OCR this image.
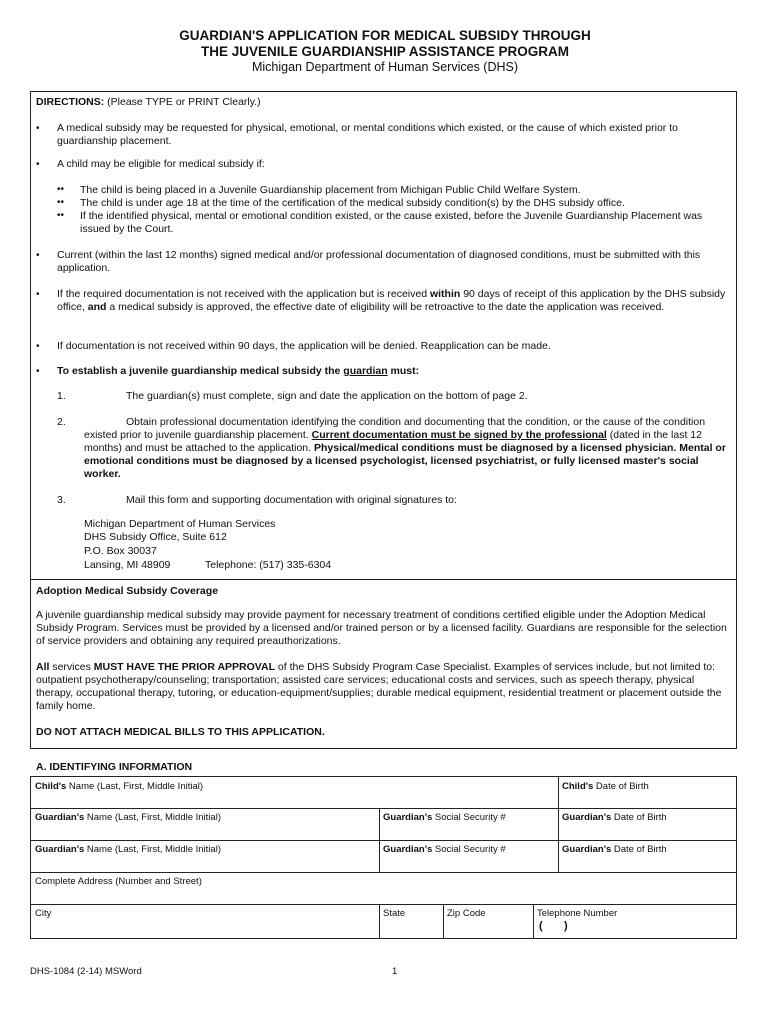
GUARDIAN'S APPLICATION FOR MEDICAL SUBSIDY THROUGH
THE JUVENILE GUARDIANSHIP ASSISTANCE PROGRAM
Michigan Department of Human Services (DHS)
DIRECTIONS: (Please TYPE or PRINT Clearly.)
• A medical subsidy may be requested for physical, emotional, or mental conditions which existed, or the cause of which existed prior to guardianship placement.
• A child may be eligible for medical subsidy if:
•• The child is being placed in a Juvenile Guardianship placement from Michigan Public Child Welfare System.
•• The child is under age 18 at the time of the certification of the medical subsidy condition(s) by the DHS subsidy office.
•• If the identified physical, mental or emotional condition existed, or the cause existed, before the Juvenile Guardianship Placement was issued by the Court.
• Current (within the last 12 months) signed medical and/or professional documentation of diagnosed conditions, must be submitted with this application.
• If the required documentation is not received with the application but is received within 90 days of receipt of this application by the DHS subsidy office, and a medical subsidy is approved, the effective date of eligibility will be retroactive to the date the application was received.
• If documentation is not received within 90 days, the application will be denied. Reapplication can be made.
• To establish a juvenile guardianship medical subsidy the guardian must:
1.	The guardian(s) must complete, sign and date the application on the bottom of page 2.
2.	Obtain professional documentation identifying the condition and documenting that the condition, or the cause of the condition existed prior to juvenile guardianship placement. Current documentation must be signed by the professional (dated in the last 12 months) and must be attached to the application. Physical/medical conditions must be diagnosed by a licensed physician. Mental or emotional conditions must be diagnosed by a licensed psychologist, licensed psychiatrist, or fully licensed master's social worker.
3.	Mail this form and supporting documentation with original signatures to:
Michigan Department of Human Services
DHS Subsidy Office, Suite 612
P.O. Box 30037
Lansing, MI 48909	Telephone: (517) 335-6304
Adoption Medical Subsidy Coverage
A juvenile guardianship medical subsidy may provide payment for necessary treatment of conditions certified eligible under the Adoption Medical Subsidy Program. Services must be provided by a licensed and/or trained person or by a licensed facility. Guardians are responsible for the selection of service providers and obtaining any required preauthorizations.
All services MUST HAVE THE PRIOR APPROVAL of the DHS Subsidy Program Case Specialist. Examples of services include, but not limited to: outpatient psychotherapy/counseling; transportation; assisted care services; educational costs and services, such as speech therapy, physical therapy, occupational therapy, tutoring, or education-equipment/supplies; durable medical equipment, residential treatment or placement outside the family home.
DO NOT ATTACH MEDICAL BILLS TO THIS APPLICATION.
A. IDENTIFYING INFORMATION
Child's Name (Last, First, Middle Initial)	Child's Date of Birth
Guardian's Name (Last, First, Middle Initial)	Guardian's Social Security #	Guardian's Date of Birth
Guardian's Name (Last, First, Middle Initial)	Guardian's Social Security #	Guardian's Date of Birth
Complete Address (Number and Street)
City	State	Zip Code	Telephone Number
(       )
DHS-1084 (2-14) MSWord	1
